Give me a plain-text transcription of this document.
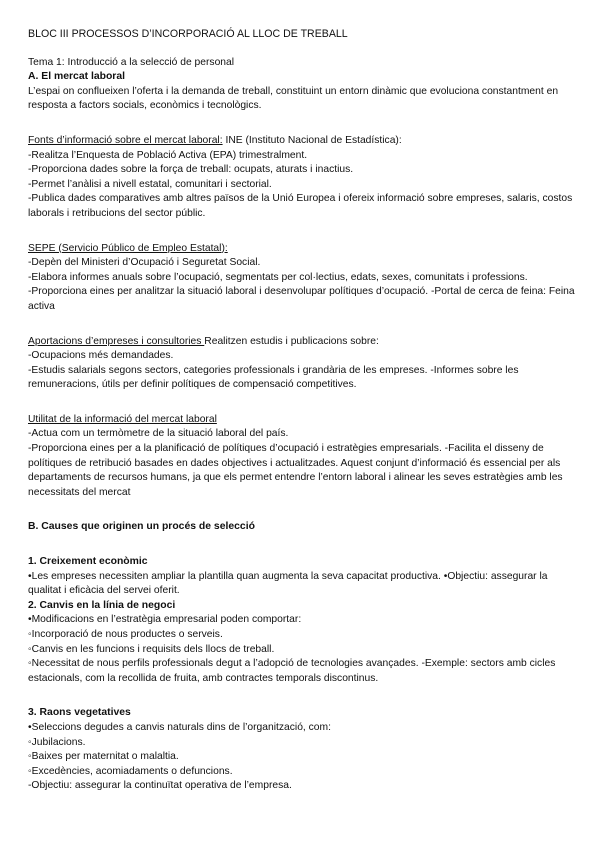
BLOC III PROCESSOS D’INCORPORACIÓ AL LLOC DE TREBALL

Tema 1: Introducció a la selecció de personal

A. El mercat laboral

L’espai on conflueixen l’oferta i la demanda de treball, constituint un entorn dinàmic que evoluciona constantment en resposta a factors socials, econòmics i tecnològics.

Fonts d’informació sobre el mercat laboral: INE (Instituto Nacional de Estadística):

-Realitza l’Enquesta de Població Activa (EPA) trimestralment.

-Proporciona dades sobre la força de treball: ocupats, aturats i inactius.

-Permet l’anàlisi a nivell estatal, comunitari i sectorial.

-Publica dades comparatives amb altres països de la Unió Europea i ofereix informació sobre empreses, salaris, costos laborals i retribucions del sector públic.

SEPE (Servicio Público de Empleo Estatal):

-Depèn del Ministeri d’Ocupació i Seguretat Social.

-Elabora informes anuals sobre l’ocupació, segmentats per col·lectius, edats, sexes, comunitats i professions.

-Proporciona eines per analitzar la situació laboral i desenvolupar polítiques d’ocupació. -Portal de cerca de feina: Feina activa

Aportacions d’empreses i consultories Realitzen estudis i publicacions sobre:

-Ocupacions més demandades.

-Estudis salarials segons sectors, categories professionals i grandària de les empreses. -Informes sobre les remuneracions, útils per definir polítiques de compensació competitives.

Utilitat de la informació del mercat laboral

-Actua com un termòmetre de la situació laboral del país.

-Proporciona eines per a la planificació de polítiques d’ocupació i estratègies empresarials. -Facilita el disseny de polítiques de retribució basades en dades objectives i actualitzades. Aquest conjunt d’informació és essencial per als departaments de recursos humans, ja que els permet entendre l’entorn laboral i alinear les seves estratègies amb les necessitats del mercat

B. Causes que originen un procés de selecció

1. Creixement econòmic

•Les empreses necessiten ampliar la plantilla quan augmenta la seva capacitat productiva. •Objectiu: assegurar la qualitat i eficàcia del servei oferit.

2. Canvis en la línia de negoci

•Modificacions en l’estratègia empresarial poden comportar:

◦Incorporació de nous productes o serveis.

◦Canvis en les funcions i requisits dels llocs de treball.

◦Necessitat de nous perfils professionals degut a l’adopció de tecnologies avançades. -Exemple: sectors amb cicles estacionals, com la recollida de fruita, amb contractes temporals discontinus.

3. Raons vegetatives

•Seleccions degudes a canvis naturals dins de l’organització, com:

◦Jubilacions.

◦Baixes per maternitat o malaltia.

◦Excedències, acomiadaments o defuncions.

-Objectiu: assegurar la continuïtat operativa de l’empresa.
